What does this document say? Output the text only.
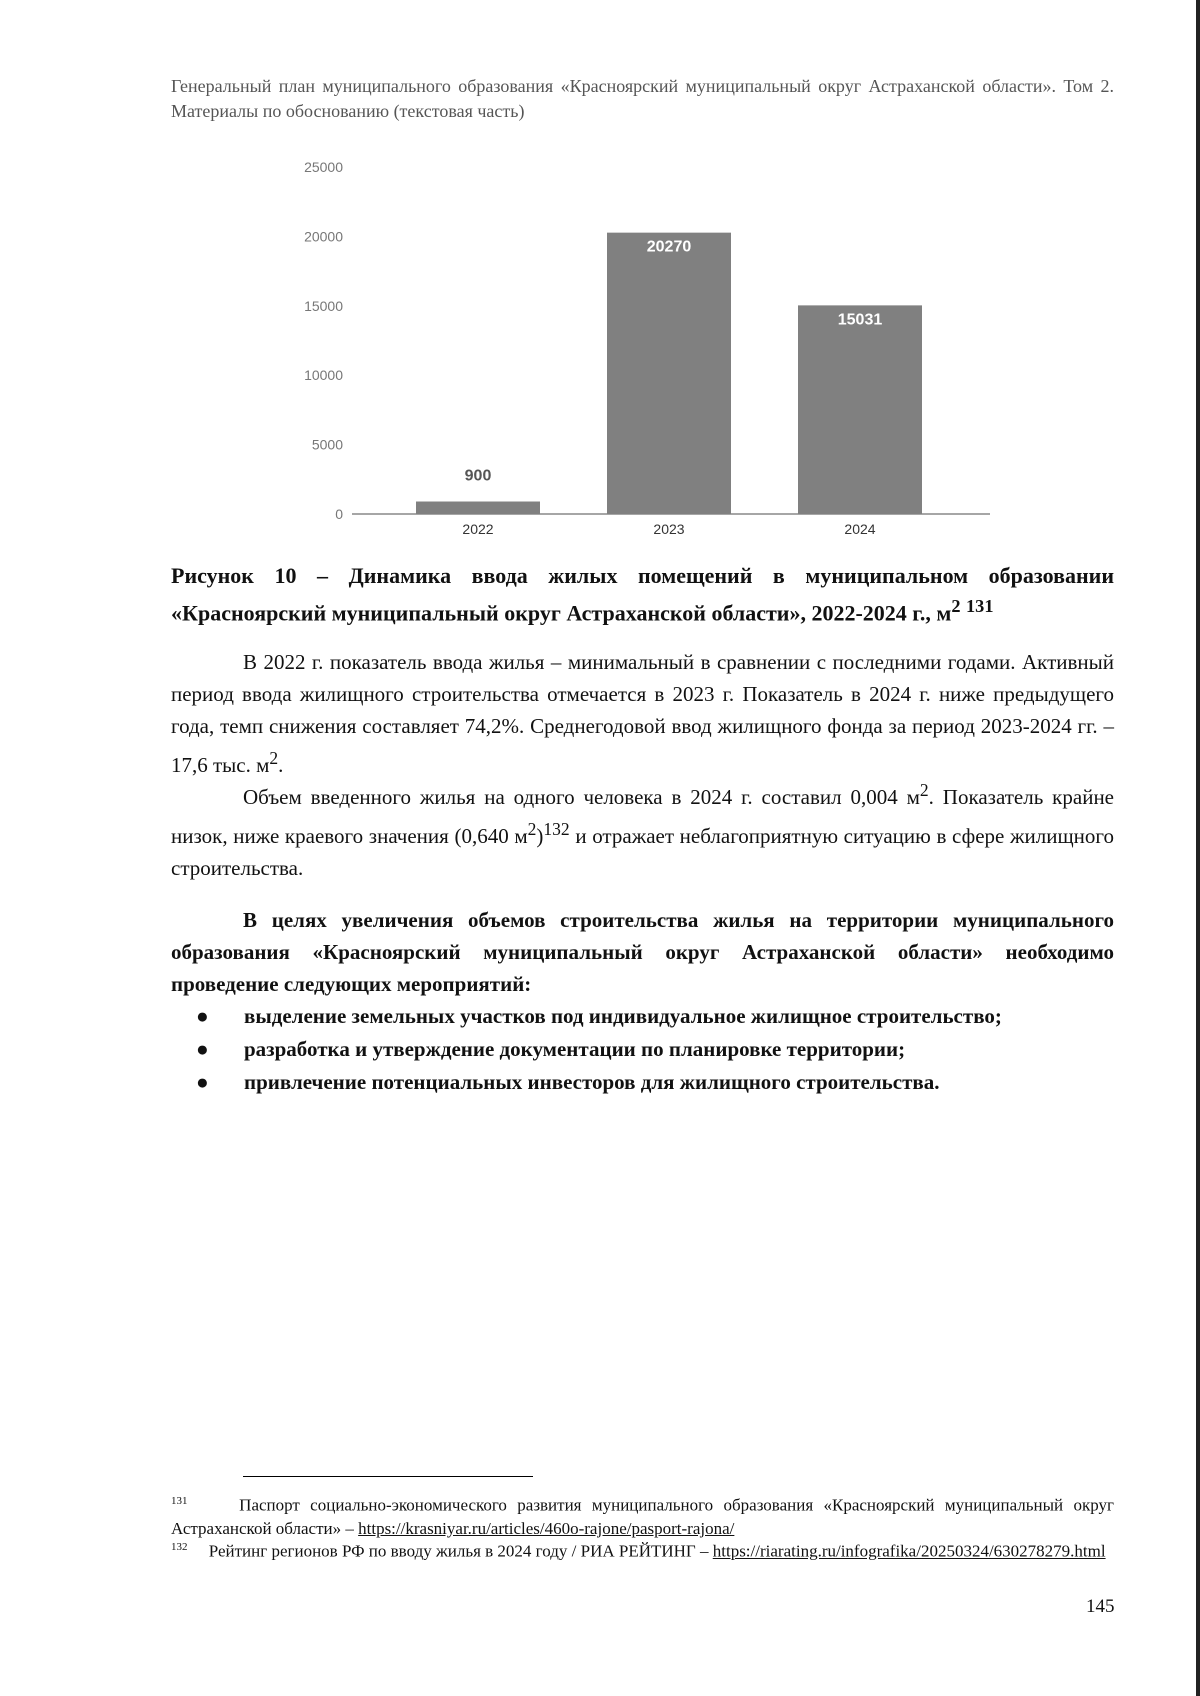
Генеральный план муниципального образования «Красноярский муниципальный округ Астраханской области». Том 2. Материалы по обоснованию (текстовая часть)
0
5000
10000
15000
20000
25000
900
2022
20270
2023
15031
2024
Рисунок 10 – Динамика ввода жилых помещений в муниципальном образовании «Красноярский муниципальный округ Астраханской области», 2022-2024 г., $м^2$ $^{131}$

В 2022 г. показатель ввода жилья – минимальный в сравнении с последними годами. Активный период ввода жилищного строительства отмечается в 2023 г. Показатель в 2024 г. ниже предыдущего года, темп снижения составляет 74,2%. Среднегодовой ввод жилищного фонда за период 2023-2024 гг. – 17,6 тыс. $м^2$.

Объем введенного жилья на одного человека в 2024 г. составил 0,004 $м^2$. Показатель крайне низок, ниже краевого значения (0,640 $м^2)^{132}$ и отражает неблагоприятную ситуацию в сфере жилищного строительства.

В целях увеличения объемов строительства жилья на территории муниципального образования «Красноярский муниципальный округ Астраханской области» необходимо проведение следующих мероприятий:

● выделение земельных участков под индивидуальное жилищное строительство;
● разработка и утверждение документации по планировке территории;
● привлечение потенциальных инвесторов для жилищного строительства.

$^{131}$	Паспорт социально-экономического развития муниципального образования «Красноярский муниципальный округ Астраханской области» – https://krasniyar.ru/articles/460o-rajone/pasport-rajona/

$^{132}$ Рейтинг регионов РФ по вводу жилья в 2024 году / РИА РЕЙТИНГ – https://riarating.ru/infografika/20250324/630278279.html

145
